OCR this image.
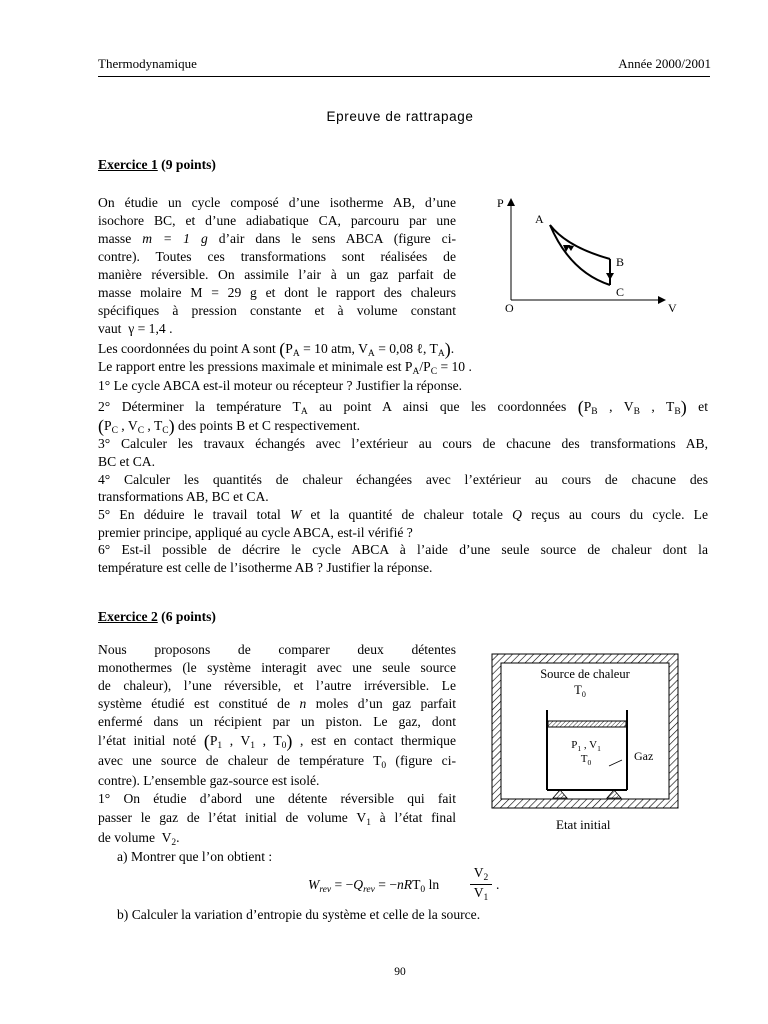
Thermodynamique	Année 2000/2001
Epreuve de rattrapage
Exercice 1 (9 points)
On étudie un cycle composé d’une isotherme AB, d’une
isochore BC, et d’une adiabatique CA, parcouru par une
masse m = 1 g d’air dans le sens ABCA (figure ci-
contre). Toutes ces transformations sont réalisées de
manière réversible. On assimile l’air à un gaz parfait de
masse molaire M = 29 g et dont le rapport des chaleurs
spécifiques à pression constante et à volume constant
vaut γ = 1,4 .
P
V
O
A
B
C
Les coordonnées du point A sont ($P_A = 10$ atm, $V_A = 0,08$ ℓ, $T_A$).
Le rapport entre les pressions maximale et minimale est $P_A/P_C = 10$ .
1° Le cycle ABCA est-il moteur ou récepteur ? Justifier la réponse.
2° Déterminer la température $T_A$ au point A ainsi que les coordonnées ($P_B$ , $V_B$ , $T_B$) et
($P_C$ , $V_C$ , $T_C$) des points B et C respectivement.
3° Calculer les travaux échangés avec l’extérieur au cours de chacune des transformations AB,
BC et CA.
4° Calculer les quantités de chaleur échangées avec l’extérieur au cours de chacune des
transformations AB, BC et CA.
5° En déduire le travail total W et la quantité de chaleur totale Q reçus au cours du cycle. Le
premier principe, appliqué au cycle ABCA, est-il vérifié ?
6° Est-il possible de décrire le cycle ABCA à l’aide d’une seule source de chaleur dont la
température est celle de l’isotherme AB ? Justifier la réponse.
Exercice 2 (6 points)
Nous proposons de comparer deux détentes
monothermes (le système interagit avec une seule source
de chaleur), l’une réversible, et l’autre irréversible. Le
système étudié est constitué de n moles d’un gaz parfait
enfermé dans un récipient par un piston. Le gaz, dont
l’état initial noté ($P_1$ , $V_1$ , $T_0$) , est en contact thermique
avec une source de chaleur de température $T_0$ (figure ci-
contre). L’ensemble gaz-source est isolé.
1° On étudie d’abord une détente réversible qui fait
passer le gaz de l’état initial de volume $V_1$ à l’état final
de volume $V_2$.
a) Montrer que l’on obtient :
$W_{rev} = -Q_{rev} = -nRT_0$ ln
$V_2$
$V_1$
.
b) Calculer la variation d’entropie du système et celle de la source.
Source de chaleur
$T_0$
$P_1$ , $V_1$
$T_0$	Gaz
Etat initial
90
